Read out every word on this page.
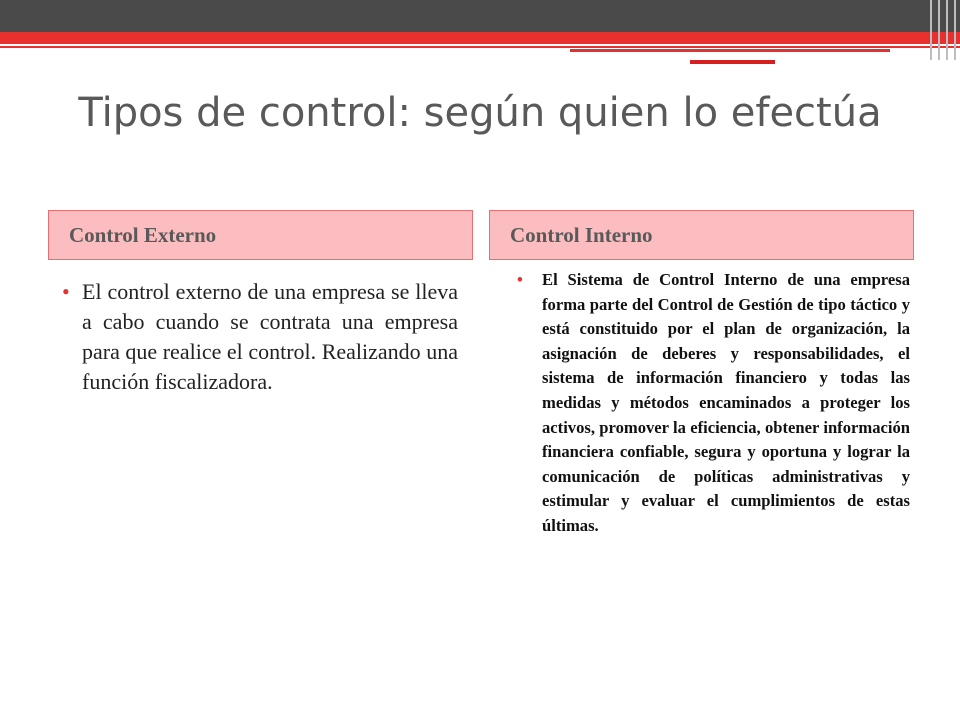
Tipos de control: según quien lo efectúa
Control Externo	Control Interno
• El control externo de una empresa se lleva a cabo cuando se contrata una empresa para que realice el control. Realizando una función fiscalizadora.

• El Sistema de Control Interno de una empresa forma parte del Control de Gestión de tipo táctico y está constituido por el plan de organización, la asignación de deberes y responsabilidades, el sistema de información financiero y todas las medidas y métodos encaminados a proteger los activos, promover la eficiencia, obtener información financiera confiable, segura y oportuna y lograr la comunicación de políticas administrativas y estimular y evaluar el cumplimientos de estas últimas.
